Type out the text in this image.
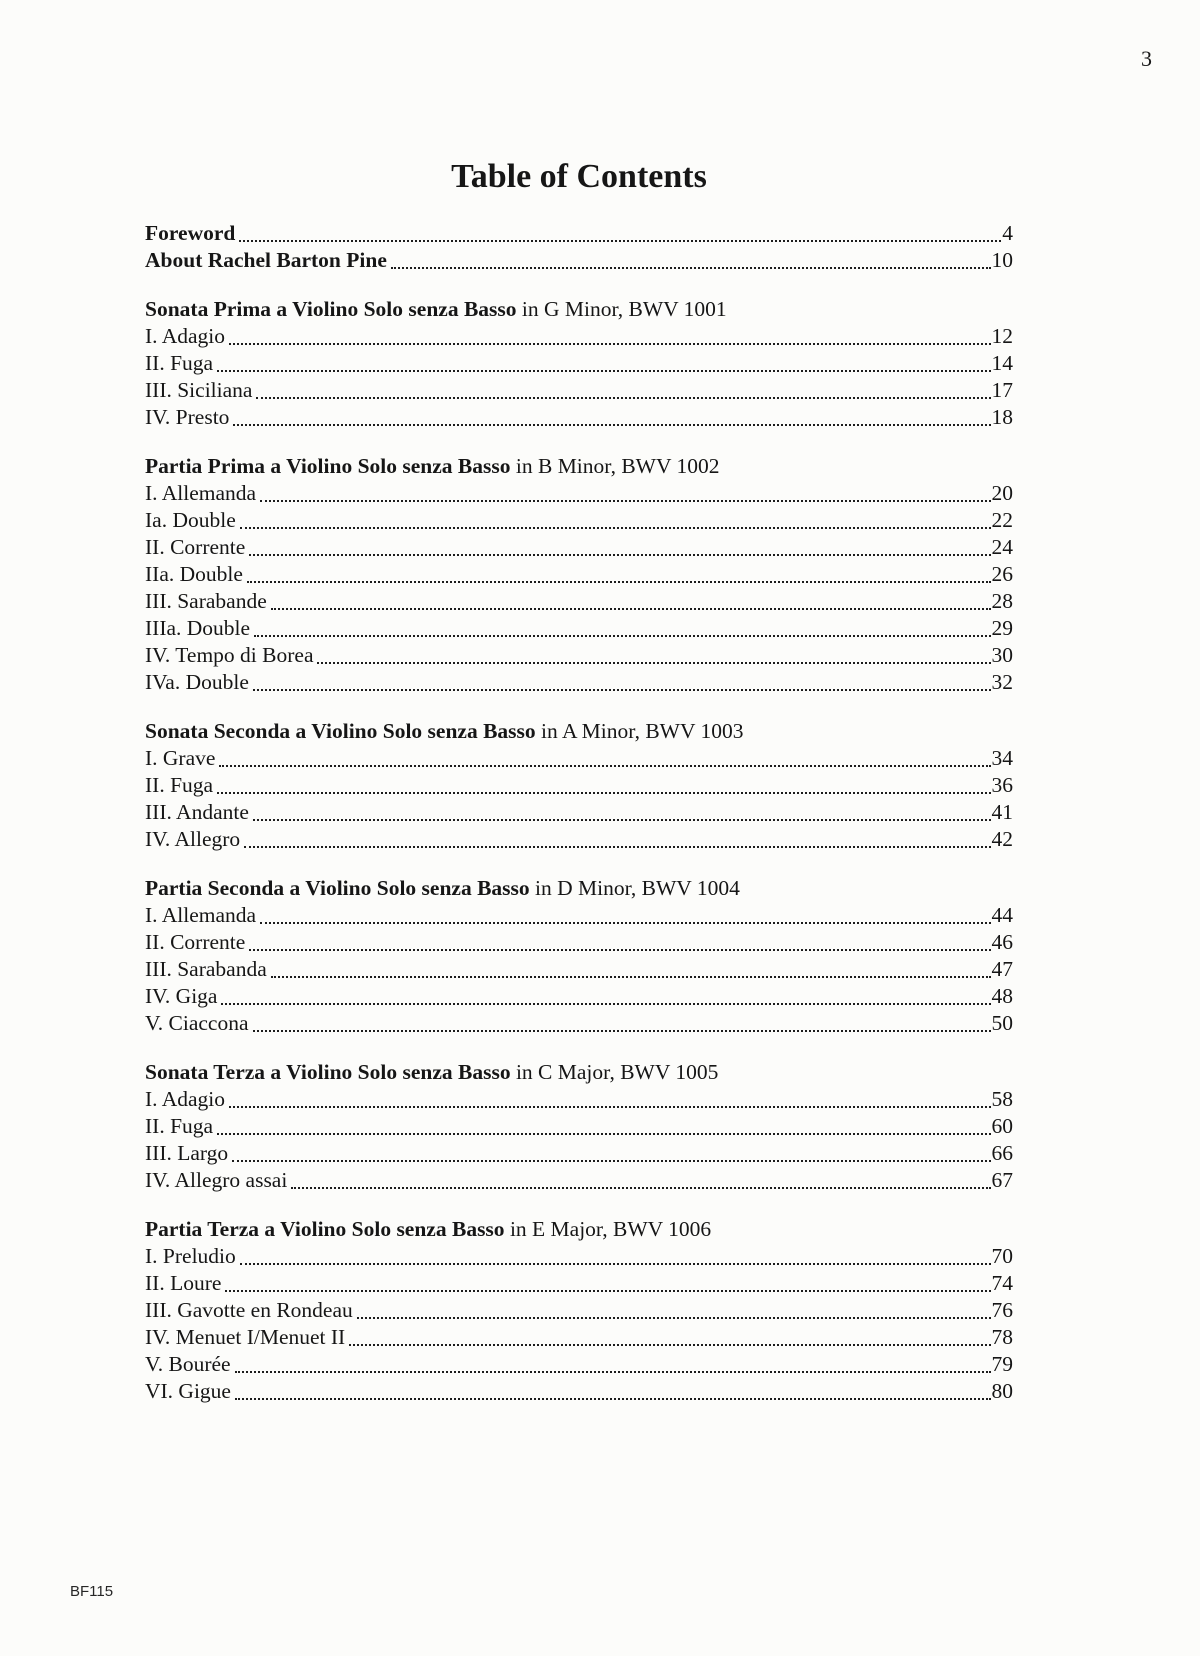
3
Table of Contents
Foreword	4
About Rachel Barton Pine	10
Sonata Prima a Violino Solo senza Basso in G Minor, BWV 1001
I. Adagio	12
II. Fuga	14
III. Siciliana	17
IV. Presto	18
Partia Prima a Violino Solo senza Basso in B Minor, BWV 1002
I. Allemanda	20
Ia. Double	22
II. Corrente	24
IIa. Double	26
III. Sarabande	28
IIIa. Double	29
IV. Tempo di Borea	30
IVa. Double	32
Sonata Seconda a Violino Solo senza Basso in A Minor, BWV 1003
I. Grave	34
II. Fuga	36
III. Andante	41
IV. Allegro	42
Partia Seconda a Violino Solo senza Basso in D Minor, BWV 1004
I. Allemanda	44
II. Corrente	46
III. Sarabanda	47
IV. Giga	48
V. Ciaccona	50
Sonata Terza a Violino Solo senza Basso in C Major, BWV 1005
I. Adagio	58
II. Fuga	60
III. Largo	66
IV. Allegro assai	67
Partia Terza a Violino Solo senza Basso in E Major, BWV 1006
I. Preludio	70
II. Loure	74
III. Gavotte en Rondeau	76
IV. Menuet I/Menuet II	78
V. Bourée	79
VI. Gigue	80
BF115
